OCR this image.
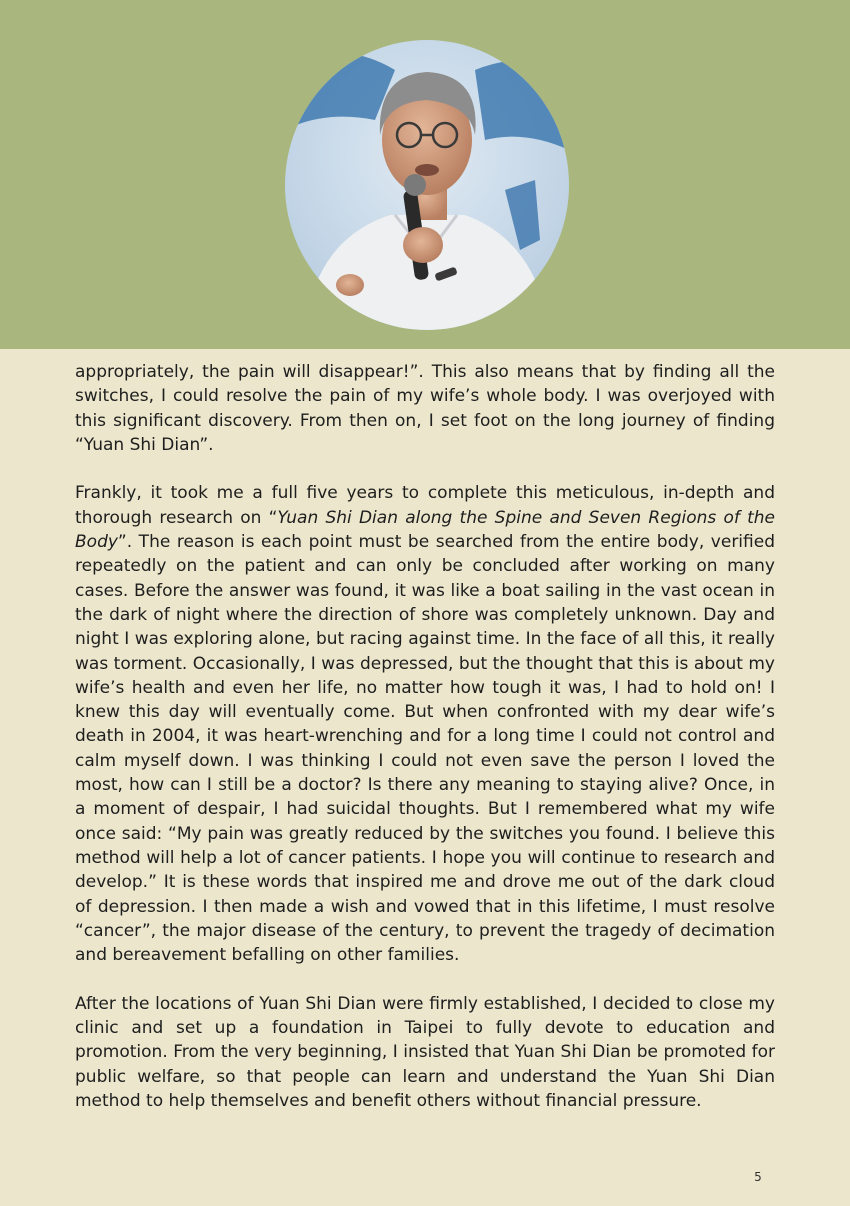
appropriately, the pain will disappear!”. This also means that by finding all the switches, I could resolve the pain of my wife’s whole body. I was overjoyed with this significant discovery. From then on, I set foot on the long journey of finding “Yuan Shi Dian”.

Frankly, it took me a full five years to complete this meticulous, in-depth and thorough research on “Yuan Shi Dian along the Spine and Seven Regions of the Body”. The reason is each point must be searched from the entire body, verified repeatedly on the patient and can only be concluded after working on many cases. Before the answer was found, it was like a boat sailing in the vast ocean in the dark of night where the direction of shore was completely unknown. Day and night I was exploring alone, but racing against time. In the face of all this, it really was torment. Occasionally, I was depressed, but the thought that this is about my wife’s health and even her life, no matter how tough it was, I had to hold on! I knew this day will eventually come. But when confronted with my dear wife’s death in 2004, it was heart-wrenching and for a long time I could not control and calm myself down. I was thinking I could not even save the person I loved the most, how can I still be a doctor? Is there any meaning to staying alive? Once, in a moment of despair, I had suicidal thoughts. But I remembered what my wife once said: “My pain was greatly reduced by the switches you found. I believe this method will help a lot of cancer patients. I hope you will continue to research and develop.” It is these words that inspired me and drove me out of the dark cloud of depression. I then made a wish and vowed that in this lifetime, I must resolve “cancer”, the major disease of the century, to prevent the tragedy of decimation and bereavement befalling on other families.

After the locations of Yuan Shi Dian were firmly established, I decided to close my clinic and set up a foundation in Taipei to fully devote to education and promotion. From the very beginning, I insisted that Yuan Shi Dian be promoted for public welfare, so that people can learn and understand the Yuan Shi Dian method to help themselves and benefit others without financial pressure.

5
